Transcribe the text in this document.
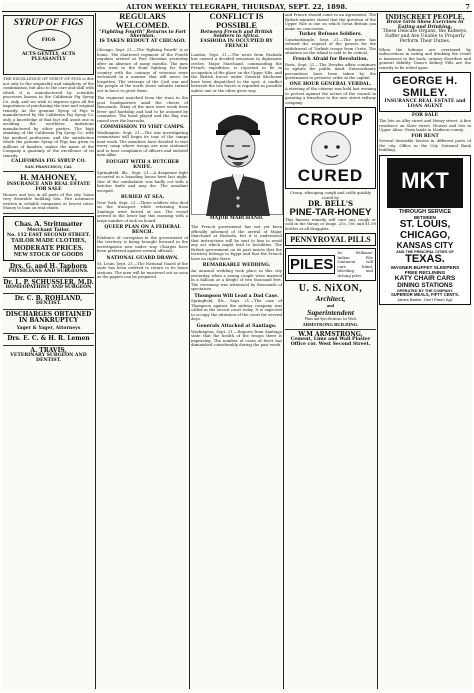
ALTON WEEKLY TELEGRAPH, THURSDAY, SEPT. 22, 1898.	7
SYRUP OF FIGS
FIGS
ACTS GENTLY, ACTS PLEASANTLY
THE EXCELLENCE OF SYRUP OF FIGS is due not only to the originality and simplicity of the combination, but also to the care and skill with which it is manufactured by scientific processes known to the California Fig Syrup Co. only, and we wish to impress upon all the importance of purchasing the true and original remedy. As the genuine Syrup of Figs is manufactured by the California Fig Syrup Co. only, a knowledge of that fact will assist one in avoiding the worthless imitations manufactured by other parties. The high standing of the California Fig Syrup Co. with the medical profession, and the satisfaction which the genuine Syrup of Figs has given to millions of families, makes the name of the Company a guaranty of the excellence of its remedy.
CALIFORNIA FIG SYRUP CO.
SAN FRANCISCO, Cal.
H. MAHONEY,
INSURANCE AND REAL ESTATE
FOR SALE
Houses and lots in all parts of the city. Some very desirable building lots. Fire insurance written in reliable companies at lowest rates. Money to loan on real estate.
Chas. A. Strittmatter
Merchant Tailor.
No. 112 EAST SECOND STREET.
TAILOR MADE CLOTHES,
MODERATE PRICES.
NEW STOCK OF GOODS
Drs. G. and H. Taphorn
PHYSICIANS AND SURGEONS.
Dr. L. P. SCHUSSLER, M.D.
HOMEOPATHIST AND SURGEON
Dr. C. B. ROHLAND,
DENTIST.
DISCHARGES OBTAINED IN BANKRUPTCY
Yager & Yager, Attorneys
Drs. E. C. & H. R. Lemen
A. TRAVIS,
VETERINARY SURGEON AND DENTIST.
REGULARS WELCOMED.
"Fighting Fourth" Returns to Fort Sheridan.
IS TAKEN REDOUT AT CHICAGO.
Chicago, Sept. 21.—The "fighting Fourth" is at home. The shattered regiment of the Fourth regulars arrived at Fort Sheridan yesterday after an absence of many months. The men who went to the front fighting for their country with the courage of veterans were welcomed in a manner that will never be forgotten. The veterans of the Civil war and the people of the north shore suburbs turned out in force to greet them.
The regiment marched from the train to the post headquarters amid the cheers of thousands. Many of the men were weak from fever and hardship and had to be assisted by comrades. The band played and the flag was raised over the barracks.
COMMISSION TO VISIT CAMPS.
Washington, Sept. 21.—The war investigating commission will begin its tour of the camps next week. The members have decided to visit every camp where troops are now stationed and to hear complaints of officers and enlisted men alike.
FOUGHT WITH A BUTCHER KNIFE.
Springfield, Ills., Sept. 21.—A desperate fight occurred in a boarding house here last night. One of the combatants was badly cut with a butcher knife and may die. The assailant escaped.
BURIED AT SEA.
New York, Sept. 21.—Three soldiers who died on the transport while returning from Santiago were buried at sea. The vessel arrived in the lower bay this morning with a large number of sick on board.
QUEER PLAN ON A FEDERAL BENCH.
Evidence of corruption in the government of the territory is being brought forward in the investigation now under way. Charges have been preferred against several officials.
NATIONAL GUARD DRAWN.
St. Louis, Sept. 21.—The National Guard of the state has been ordered to return to its home stations. The men will be mustered out as soon as the papers can be prepared.
CONFLICT IS POSSIBLE
Between French and British Soldiers in Africa.
FASHODA IN OCCUPIED BY FRENCH
London, Sept. 21.—The news from Fashoda has caused a decided sensation in diplomatic circles. Major Marchand, commanding the French expedition, is reported to be in occupation of the place on the Upper Nile, and the British forces under General Kitchener have been dispatched to the spot. A conflict between the two forces is regarded as possible unless one or the other gives way.
MAJOR MARCHAND.
The French government has not yet been officially informed of the arrival of Major Marchand at Fashoda, but it is understood that instructions will be sent to him to avoid any act which might lead to hostilities. The British government on its part insists that the territory belongs to Egypt and that the French have no rights there.
REMARKABLE WEDDING.
An unusual wedding took place in this city yesterday when a young couple were married in a balloon at a height of two thousand feet. The ceremony was witnessed by thousands of spectators.
Thompson Will Lead a Dad Case.
Springfield, Ills., Sept. 21.—The case of Thompson against the railway company was called in the circuit court today. It is expected to occupy the attention of the court for several days.
Generals Attacked at Santiago.
Washington, Sept. 21.—Reports from Santiago state that the health of the troops there is improving. The number of cases of fever has diminished considerably during the past week.
and France should come to an agreement. The British minister stated that the question of the Upper Nile is one on which Great Britain can make no concession.
Turkey Refuses Soldiers.
Constantinople, Sept. 21.—The porte has refused the request of the powers for the withdrawal of Turkish troops from Crete. The situation on the island is said to be critical.
French Afraid for Revolution.
Paris, Sept. 21.—The Dreyfus affair continues to agitate the public mind. Extraordinary precautions have been taken by the government to preserve order in the capital.
ONE HOUR GENERAL VERDAL.
A meeting of the citizens was held last evening to protest against the action of the council in granting a franchise to the new street railway company.
CROUP
CURED
Croup, whooping cough and colds quickly cured by
DR. BELL'S
PINE-TAR-HONEY
This famous remedy will cure any cough or cold in the throat or lungs. 25c, 50c and $1.00 bottles at all druggists.
PENNYROYAL PILLS
PILES
Dr. Williams' Indian Pile Ointment will cure blind, bleeding and itching piles.
U. S. NiXON,
Architect,
and
Superintendent
Plans and Specifications for Work
ARMSTRONG BUILDING.
W.M ARMSTRONG,
Cement, Lime and Wall Plaster
Office cor. West Second Street.
INDISCREET PEOPLE,
Brave Girls Show Exercises in Eating and Drinking.
These Delicate Organs, the Kidneys, Suffer and Are Unable to Properly Perform Their Duties.
When the kidneys are overtaxed by indiscretions in eating and drinking the result is lameness in the back, urinary disorders and general debility. Doan's Kidney Pills are the remedy to be relied upon.
GEORGE H. SMILEY.
INSURANCE REAL ESTATE and LOAN AGENT
FOR SALE
The lots on Alby street and Henry street. A fine residence on State street. Houses and lots in Upper Alton. Farm lands in Madison county.
FOR RENT
Several desirable houses in different parts of the city. Office in the City National Bank building.
MKT
THROUGH SERVICE
BETWEEN
ST. LOUIS,
CHICAGO,
KANSAS CITY
AND THE PRINCIPAL CITIES OF
TEXAS.
WAGNER BUFFET SLEEPERS
FREE RECLINING
KATY CHAIR CARS
DINING STATIONS
OPERATED BY THE COMPANY.
SUPERIOR MEALS, FIFTY CENTS.
James Barker, Gen'l Pass'r Agt.
